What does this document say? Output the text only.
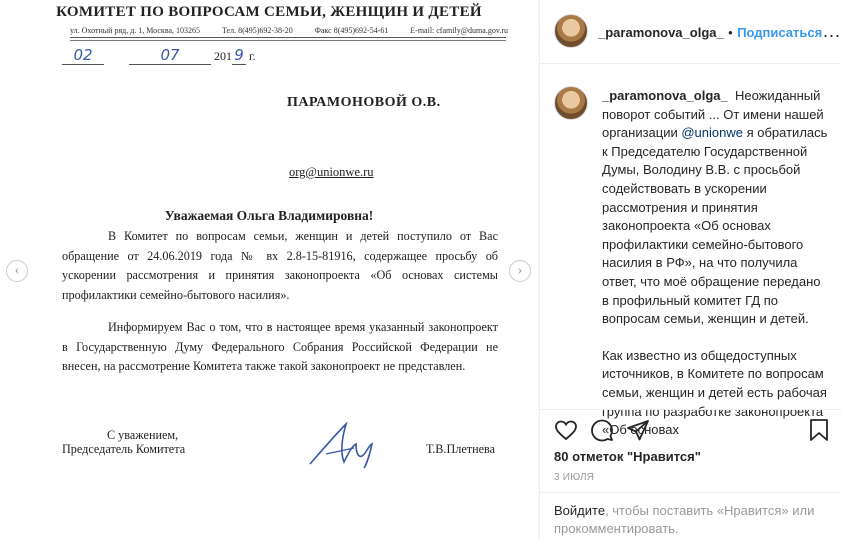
КОМИТЕТ ПО ВОПРОСАМ СЕМЬИ, ЖЕНЩИН И ДЕТЕЙ
ул. Охотный ряд, д. 1, Москва, 103265	Тел. 8(495)692-38-20	Факс 8(495)692-54-61	E-mail: cfamily@duma.gov.ru
02	07	201 9 г.
ПАРАМОНОВОЙ О.В.
org@unionwe.ru
Уважаемая Ольга Владимировна!
В Комитет по вопросам семьи, женщин и детей поступило от Вас обращение от 24.06.2019 года № вх 2.8-15-81916, содержащее просьбу об ускорении рассмотрения и принятия законопроекта «Об основах системы профилактики семейно-бытового насилия».
Информируем Вас о том, что в настоящее время указанный законопроект в Государственную Думу Федерального Собрания Российской Федерации не внесен, на рассмотрение Комитета также такой законопроект не представлен.
С уважением,
Председатель Комитета	Т.В.Плетнева
‹	›
_paramonova_olga_ • Подписаться ...

_paramonova_olga_ Неожиданный поворот событий ... От имени нашей организации @unionwe я обратилась к Председателю Государственной Думы, Володину В.В. с просьбой содействовать в ускорении рассмотрения и принятия законопроекта «Об основах профилактики семейно-бытового насилия в РФ», на что получила ответ, что моё обращение передано в профильный комитет ГД по вопросам семьи, женщин и детей.

Как известно из общедоступных источников, в Комитете по вопросам семьи, женщин и детей есть рабочая группа по разработке законопроекта «Об основах

80 отметок "Нравится"
3 ИЮЛЯ
Войдите, чтобы поставить «Нравится» или прокомментировать.
